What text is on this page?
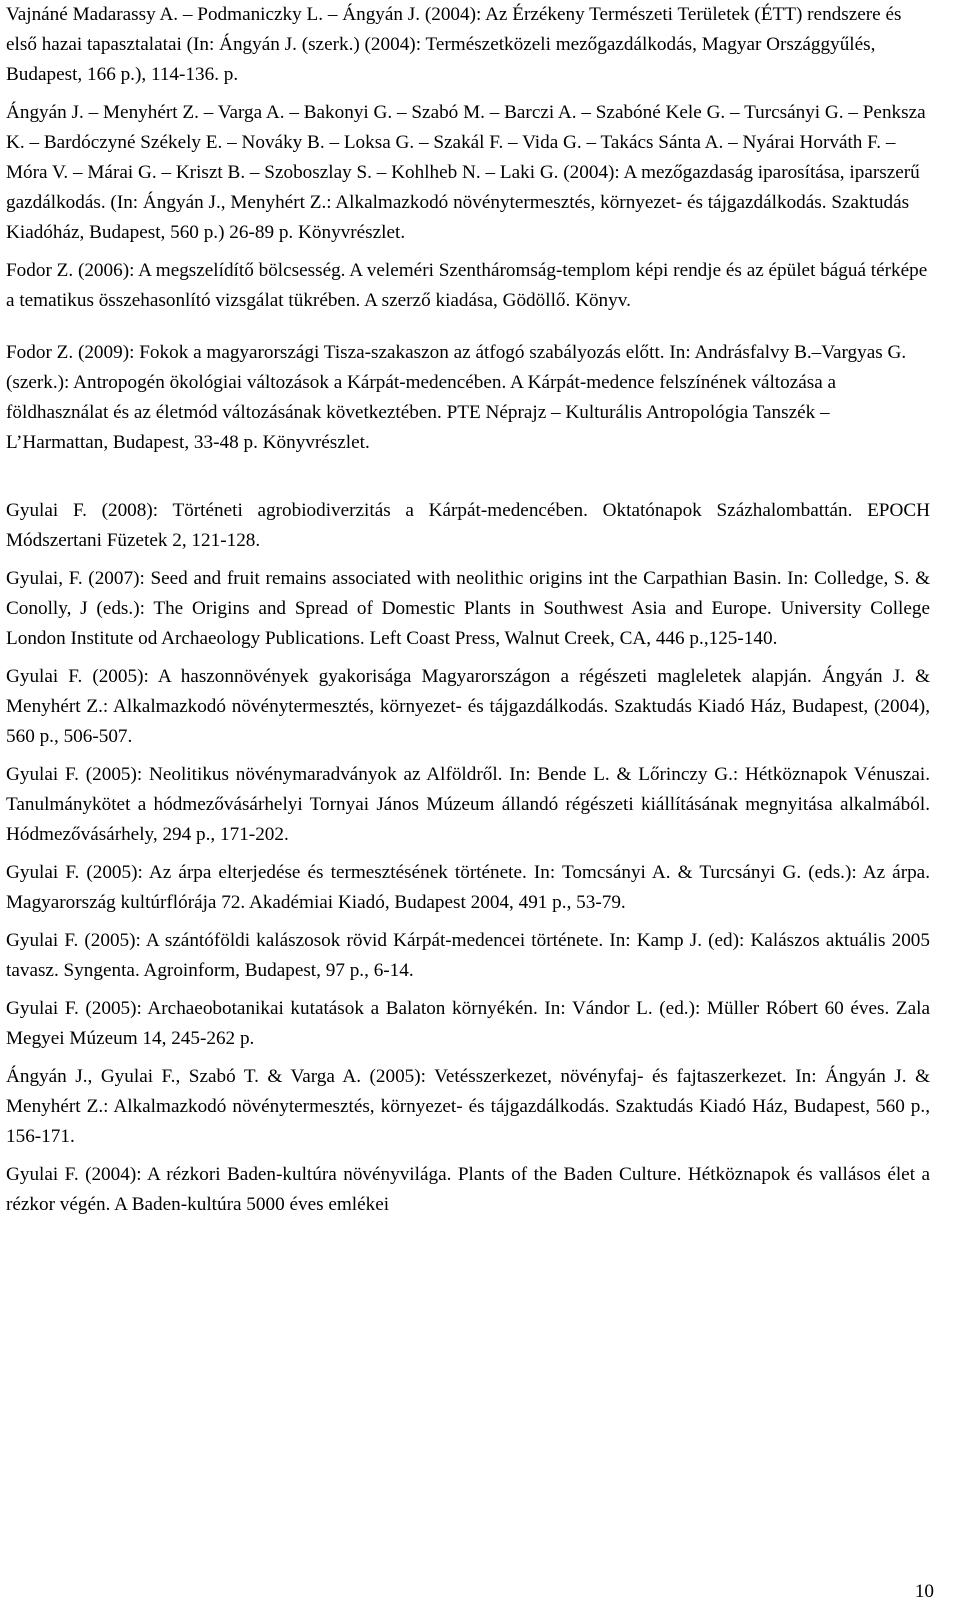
Vajnáné Madarassy A. – Podmaniczky L. – Ángyán J. (2004): Az Érzékeny Természeti Területek (ÉTT) rendszere és első hazai tapasztalatai (In: Ángyán J. (szerk.) (2004): Természetközeli mezőgazdálkodás, Magyar Országgyűlés, Budapest, 166 p.), 114-136. p.

Ángyán J. – Menyhért Z. – Varga A. – Bakonyi G. – Szabó M. – Barczi A. – Szabóné Kele G. – Turcsányi G. – Penksza K. – Bardóczyné Székely E. – Nováky B. – Loksa G. – Szakál F. – Vida G. – Takács Sánta A. – Nyárai Horváth F. – Móra V. – Márai G. – Kriszt B. – Szoboszlay S. – Kohlheb N. – Laki G. (2004): A mezőgazdaság iparosítása, iparszerű gazdálkodás. (In: Ángyán J., Menyhért Z.: Alkalmazkodó növénytermesztés, környezet- és tájgazdálkodás. Szaktudás Kiadóház, Budapest, 560 p.) 26-89 p. Könyvrészlet.

Fodor Z. (2006): A megszelídítő bölcsesség. A veleméri Szentháromság-templom képi rendje és az épület báguá térképe a tematikus összehasonlító vizsgálat tükrében. A szerző kiadása, Gödöllő. Könyv.

Fodor Z. (2009): Fokok a magyarországi Tisza-szakaszon az átfogó szabályozás előtt. In: Andrásfalvy B.–Vargyas G. (szerk.): Antropogén ökológiai változások a Kárpát-medencében. A Kárpát-medence felszínének változása a földhasználat és az életmód változásának következtében. PTE Néprajz – Kulturális Antropológia Tanszék – L’Harmattan, Budapest, 33-48 p. Könyvrészlet.

Gyulai F. (2008): Történeti agrobiodiverzitás a Kárpát-medencében. Oktatónapok Százhalombattán. EPOCH Módszertani Füzetek 2, 121-128.

Gyulai, F. (2007): Seed and fruit remains associated with neolithic origins int the Carpathian Basin. In: Colledge, S. & Conolly, J (eds.): The Origins and Spread of Domestic Plants in Southwest Asia and Europe. University College London Institute od Archaeology Publications. Left Coast Press, Walnut Creek, CA, 446 p.,125-140.

Gyulai F. (2005): A haszonnövények gyakorisága Magyarországon a régészeti magleletek alapján. Ángyán J. & Menyhért Z.: Alkalmazkodó növénytermesztés, környezet- és tájgazdálkodás. Szaktudás Kiadó Ház, Budapest, (2004), 560 p., 506-507.

Gyulai F. (2005): Neolitikus növénymaradványok az Alföldről. In: Bende L. & Lőrinczy G.: Hétköznapok Vénuszai. Tanulmánykötet a hódmezővásárhelyi Tornyai János Múzeum állandó régészeti kiállításának megnyitása alkalmából. Hódmezővásárhely, 294 p., 171-202.

Gyulai F. (2005): Az árpa elterjedése és termesztésének története. In: Tomcsányi A. & Turcsányi G. (eds.): Az árpa. Magyarország kultúrflórája 72. Akadémiai Kiadó, Budapest 2004, 491 p., 53-79.

Gyulai F. (2005): A szántóföldi kalászosok rövid Kárpát-medencei története. In: Kamp J. (ed): Kalászos aktuális 2005 tavasz. Syngenta. Agroinform, Budapest, 97 p., 6-14.

Gyulai F. (2005): Archaeobotanikai kutatások a Balaton környékén. In: Vándor L. (ed.): Müller Róbert 60 éves. Zala Megyei Múzeum 14, 245-262 p.

Ángyán J., Gyulai F., Szabó T. & Varga A. (2005): Vetésszerkezet, növényfaj- és fajtaszerkezet. In: Ángyán J. & Menyhért Z.: Alkalmazkodó növénytermesztés, környezet- és tájgazdálkodás. Szaktudás Kiadó Ház, Budapest, 560 p., 156-171.

Gyulai F. (2004): A rézkori Baden-kultúra növényvilága. Plants of the Baden Culture. Hétköznapok és vallásos élet a rézkor végén. A Baden-kultúra 5000 éves emlékei

10
